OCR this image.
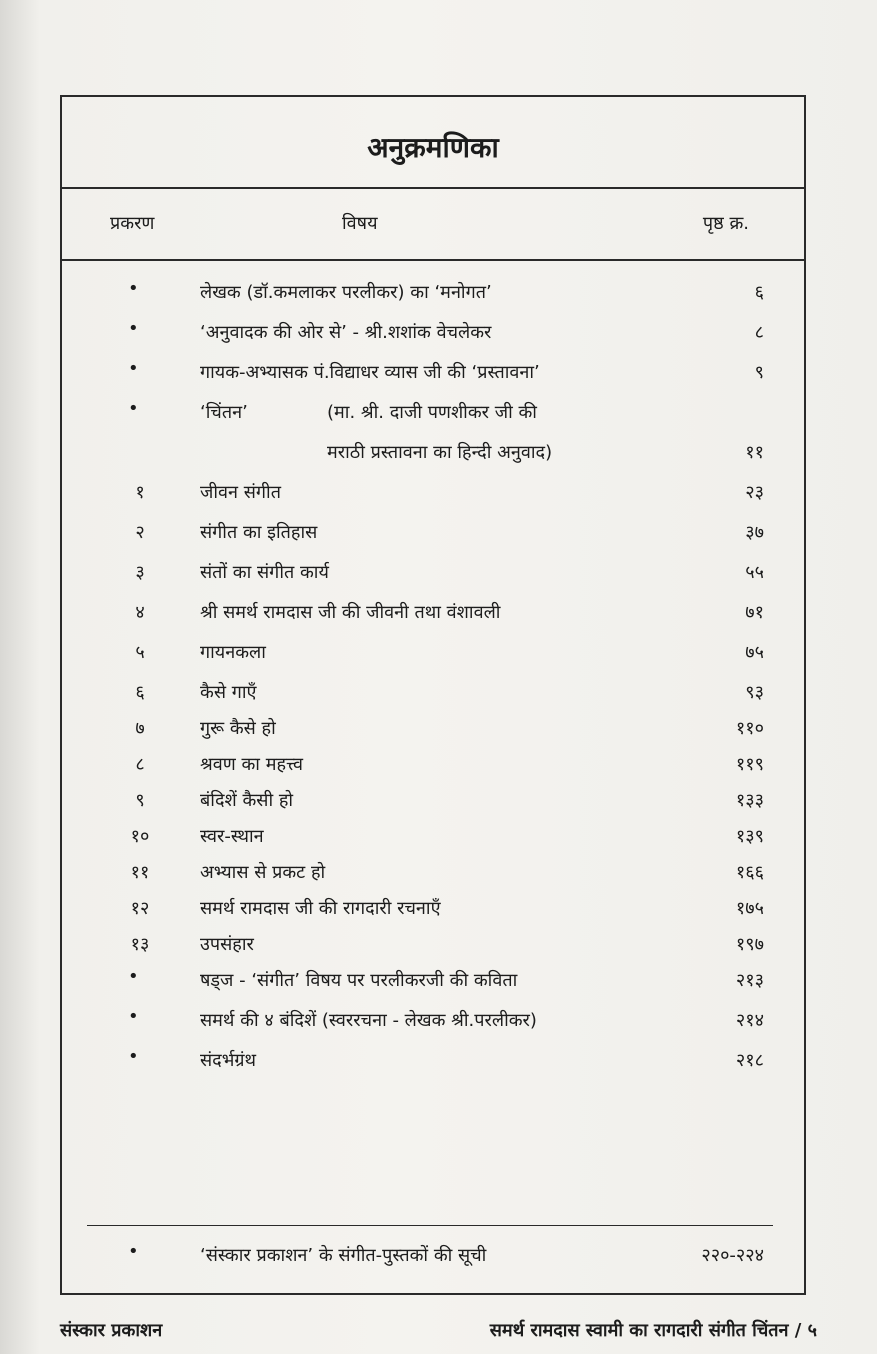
अनुक्रमणिका
प्रकरण	विषय	पृष्ठ क्र.
•	लेखक (डॉ.कमलाकर परलीकर) का ‘मनोगत’	६
•	‘अनुवादक की ओर से’ - श्री.शशांक वेचलेकर	८
•	गायक-अभ्यासक पं.विद्याधर व्यास जी की ‘प्रस्तावना’	९
•	‘चिंतन’	(मा. श्री. दाजी पणशीकर जी की
मराठी प्रस्तावना का हिन्दी अनुवाद)	११
१	जीवन संगीत	२३
२	संगीत का इतिहास	३७
३	संतों का संगीत कार्य	५५
४	श्री समर्थ रामदास जी की जीवनी तथा वंशावली	७१
५	गायनकला	७५
६	कैसे गाएँ	९३
७	गुरू कैसे हो	११०
८	श्रवण का महत्त्व	११९
९	बंदिशें कैसी हो	१३३
१०	स्वर-स्थान	१३९
११	अभ्यास से प्रकट हो	१६६
१२	समर्थ रामदास जी की रागदारी रचनाएँ	१७५
१३	उपसंहार	१९७
•	षड्ज - ‘संगीत’ विषय पर परलीकरजी की कविता	२१३
•	समर्थ की ४ बंदिशें (स्वररचना - लेखक श्री.परलीकर)	२१४
•	संदर्भग्रंथ	२१८
•	‘संस्कार प्रकाशन’ के संगीत-पुस्तकों की सूची	२२०-२२४
संस्कार प्रकाशन	समर्थ रामदास स्वामी का रागदारी संगीत चिंतन / ५
